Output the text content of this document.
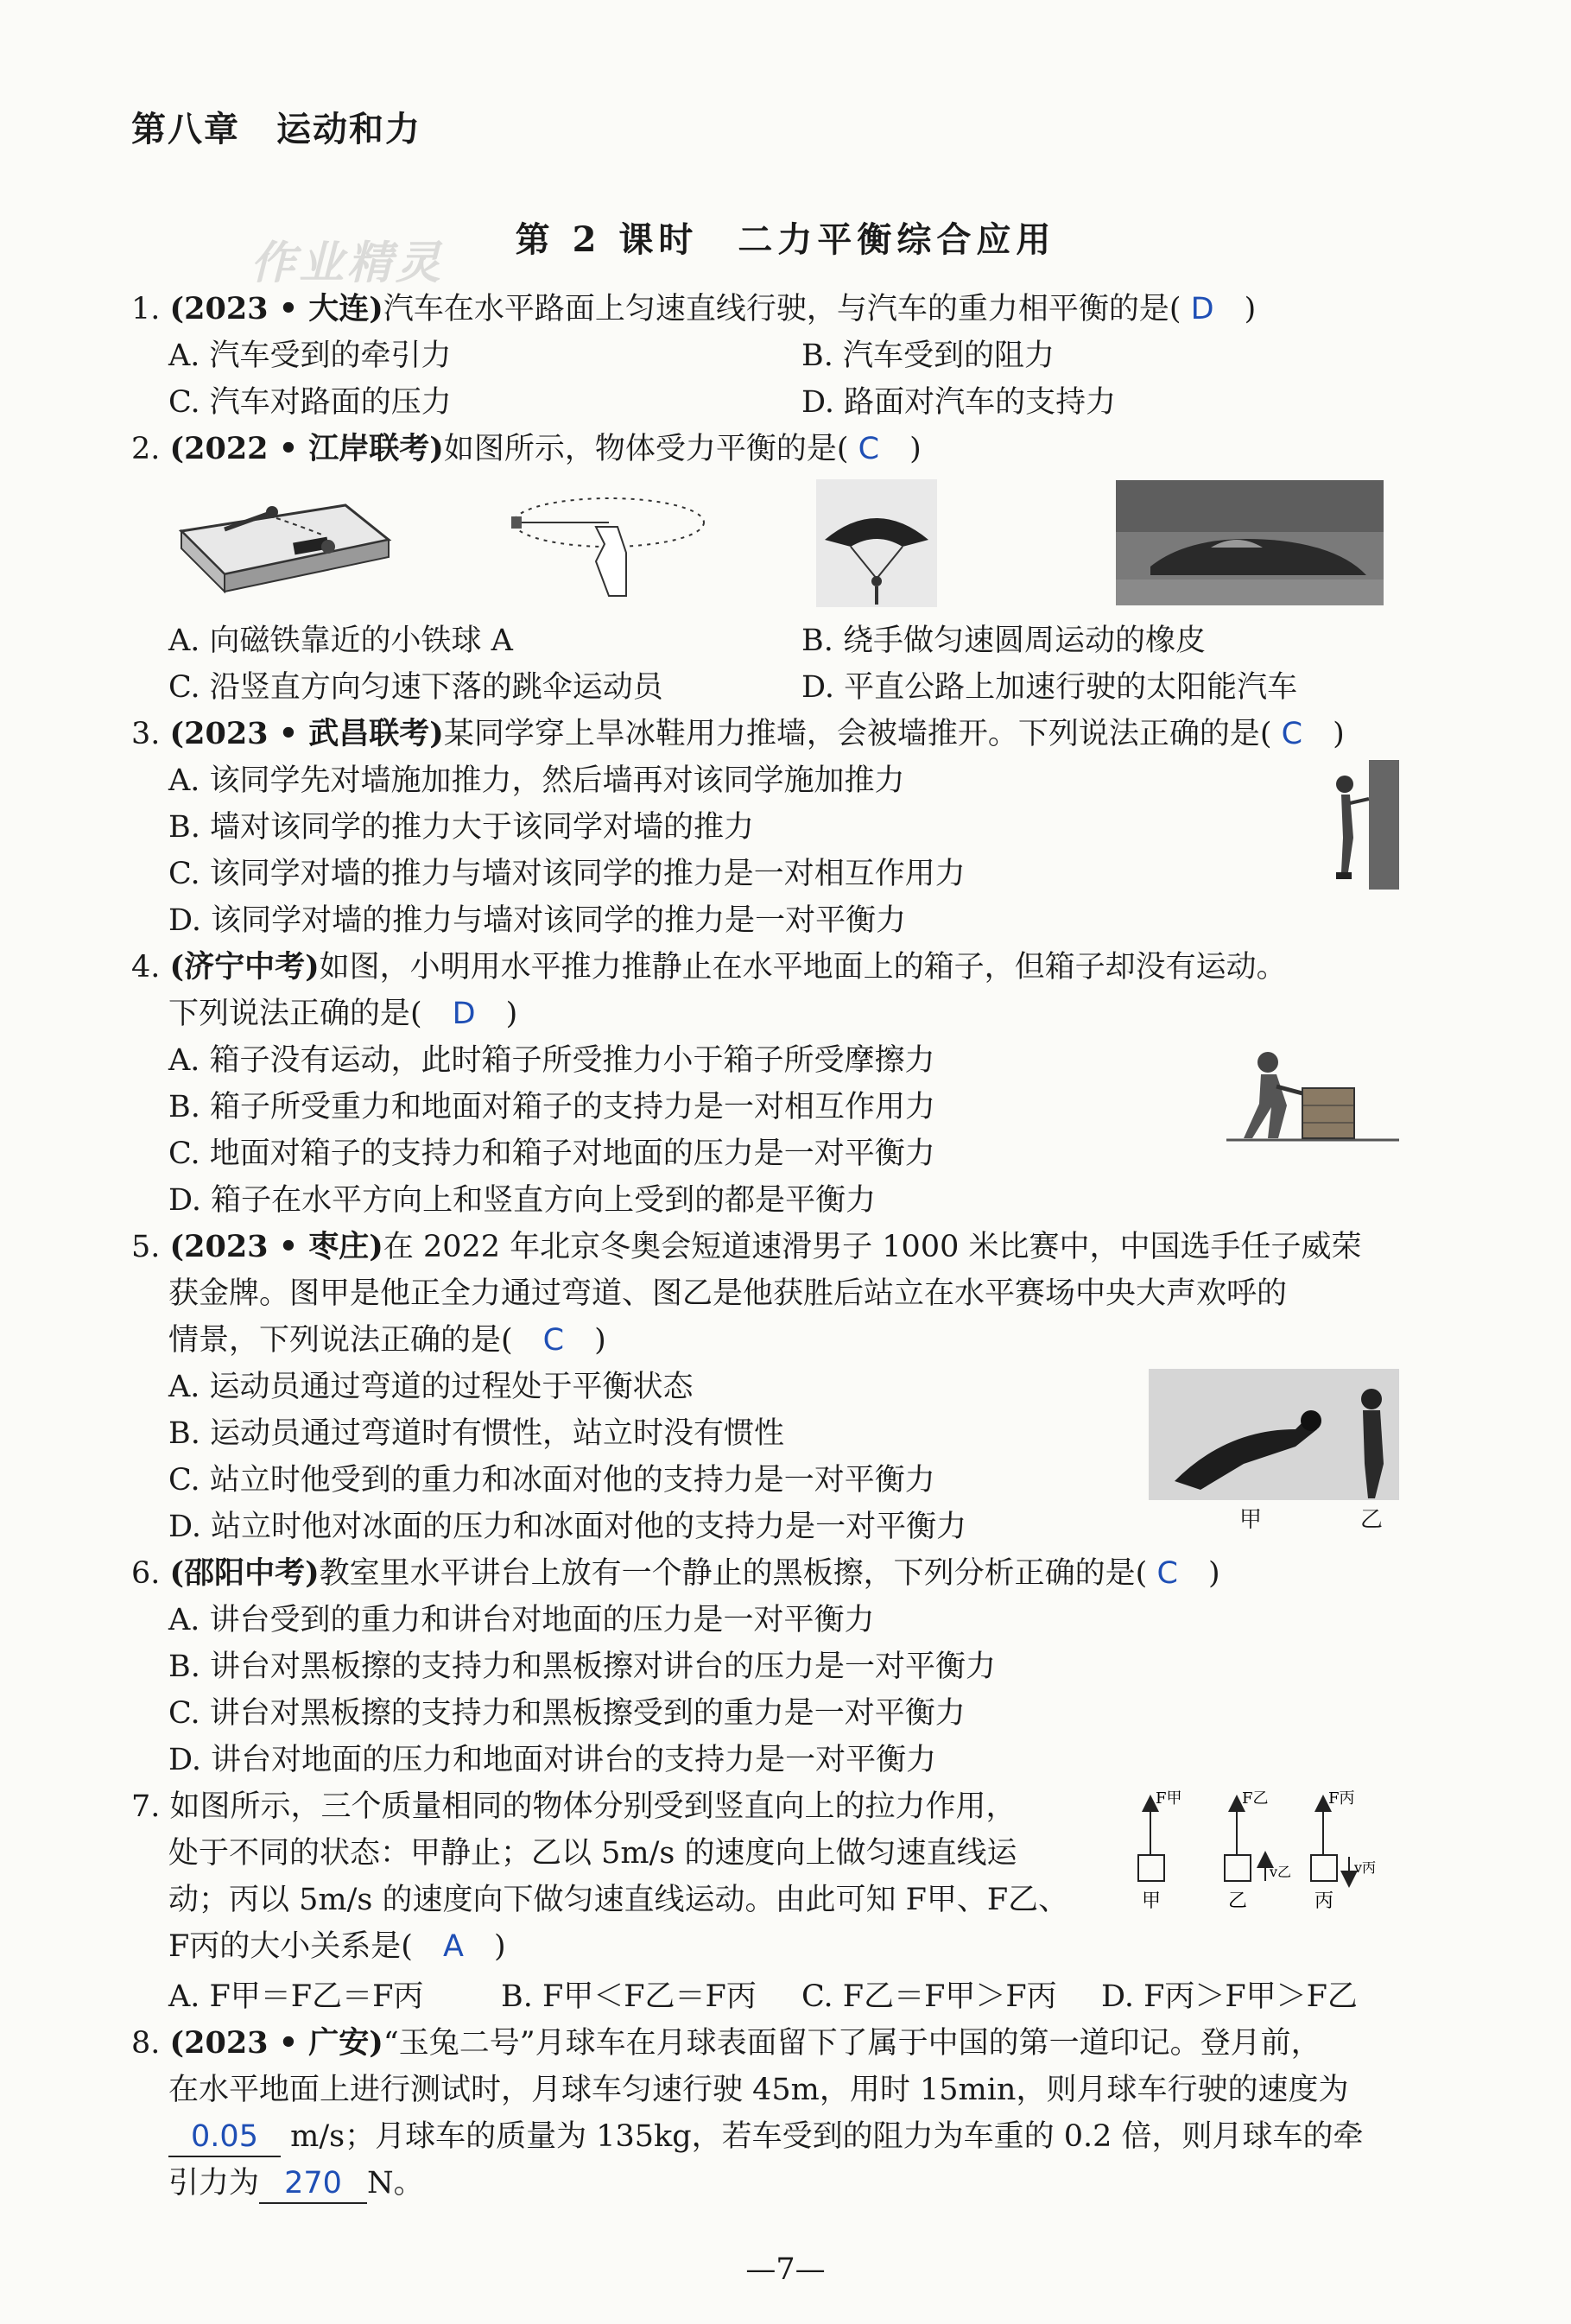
第八章　运动和力
作业精灵	第 2 课时　二力平衡综合应用
1. (2023 • 大连)汽车在水平路面上匀速直线行驶，与汽车的重力相平衡的是( D　 )
A. 汽车受到的牵引力	B. 汽车受到的阻力
C. 汽车对路面的压力	D. 路面对汽车的支持力
2. (2022 • 江岸联考)如图所示，物体受力平衡的是( C　 )
A. 向磁铁靠近的小铁球 A	B. 绕手做匀速圆周运动的橡皮
C. 沿竖直方向匀速下落的跳伞运动员	D. 平直公路上加速行驶的太阳能汽车
3. (2023 • 武昌联考)某同学穿上旱冰鞋用力推墙，会被墙推开。下列说法正确的是( C　 )
A. 该同学先对墙施加推力，然后墙再对该同学施加推力
B. 墙对该同学的推力大于该同学对墙的推力
C. 该同学对墙的推力与墙对该同学的推力是一对相互作用力
D. 该同学对墙的推力与墙对该同学的推力是一对平衡力
4. (济宁中考)如图，小明用水平推力推静止在水平地面上的箱子，但箱子却没有运动。
下列说法正确的是(　 D　 )
A. 箱子没有运动，此时箱子所受推力小于箱子所受摩擦力
B. 箱子所受重力和地面对箱子的支持力是一对相互作用力
C. 地面对箱子的支持力和箱子对地面的压力是一对平衡力
D. 箱子在水平方向上和竖直方向上受到的都是平衡力
5. (2023 • 枣庄)在 2022 年北京冬奥会短道速滑男子 1000 米比赛中，中国选手任子威荣
获金牌。图甲是他正全力通过弯道、图乙是他获胜后站立在水平赛场中央大声欢呼的
情景，下列说法正确的是(　 C　 )
A. 运动员通过弯道的过程处于平衡状态
B. 运动员通过弯道时有惯性，站立时没有惯性
C. 站立时他受到的重力和冰面对他的支持力是一对平衡力
D. 站立时他对冰面的压力和冰面对他的支持力是一对平衡力	甲	乙
6. (邵阳中考)教室里水平讲台上放有一个静止的黑板擦，下列分析正确的是( C　 )
A. 讲台受到的重力和讲台对地面的压力是一对平衡力
B. 讲台对黑板擦的支持力和黑板擦对讲台的压力是一对平衡力
C. 讲台对黑板擦的支持力和黑板擦受到的重力是一对平衡力
D. 讲台对地面的压力和地面对讲台的支持力是一对平衡力
7. 如图所示，三个质量相同的物体分别受到竖直向上的拉力作用，
处于不同的状态：甲静止；乙以 5m/s 的速度向上做匀速直线运
动；丙以 5m/s 的速度向下做匀速直线运动。由此可知 F甲、F乙、
F丙的大小关系是(　 A　 )
A. F甲＝F乙＝F丙	B. F甲＜F乙＝F丙 C. F乙＝F甲＞F丙 D. F丙＞F甲＞F乙
F甲	F乙	F丙
v乙	v丙
甲	乙	丙
8. (2023 • 广安)“玉兔二号”月球车在月球表面留下了属于中国的第一道印记。登月前，
在水平地面上进行测试时，月球车匀速行驶 45m，用时 15min，则月球车行驶的速度为
0.05 m/s；月球车的质量为 135kg，若车受到的阻力为车重的 0.2 倍，则月球车的牵
引力为 270 N。
—7—
